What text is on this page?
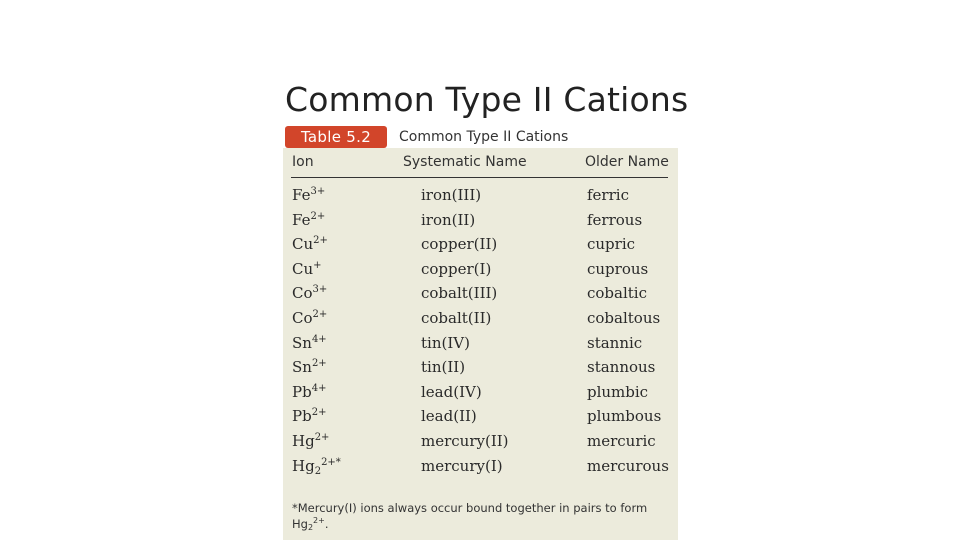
Common Type II Cations
Table 5.2	Common Type II Cations
Ion	Systematic Name	Older Name
$Fe^{3+}$	iron(III)	ferric
$Fe^{2+}$	iron(II)	ferrous
$Cu^{2+}$	copper(II)	cupric
Cu+	copper(I)	cuprous
$Co^{3+}$	cobalt(III)	cobaltic
$Co^{2+}$	cobalt(II)	cobaltous
$Sn^{4+}$	tin(IV)	stannic
$Sn^{2+}$	tin(II)	stannous
$Pb^{4+}$	lead(IV)	plumbic
$Pb^{2+}$	lead(II)	plumbous
$Hg^{2+}$	mercury(II)	mercuric
$Hg_2^{2+*}$	mercury(I)	mercurous
*Mercury(I) ions always occur bound together in pairs to form
$Hg_2^{2+}$.
